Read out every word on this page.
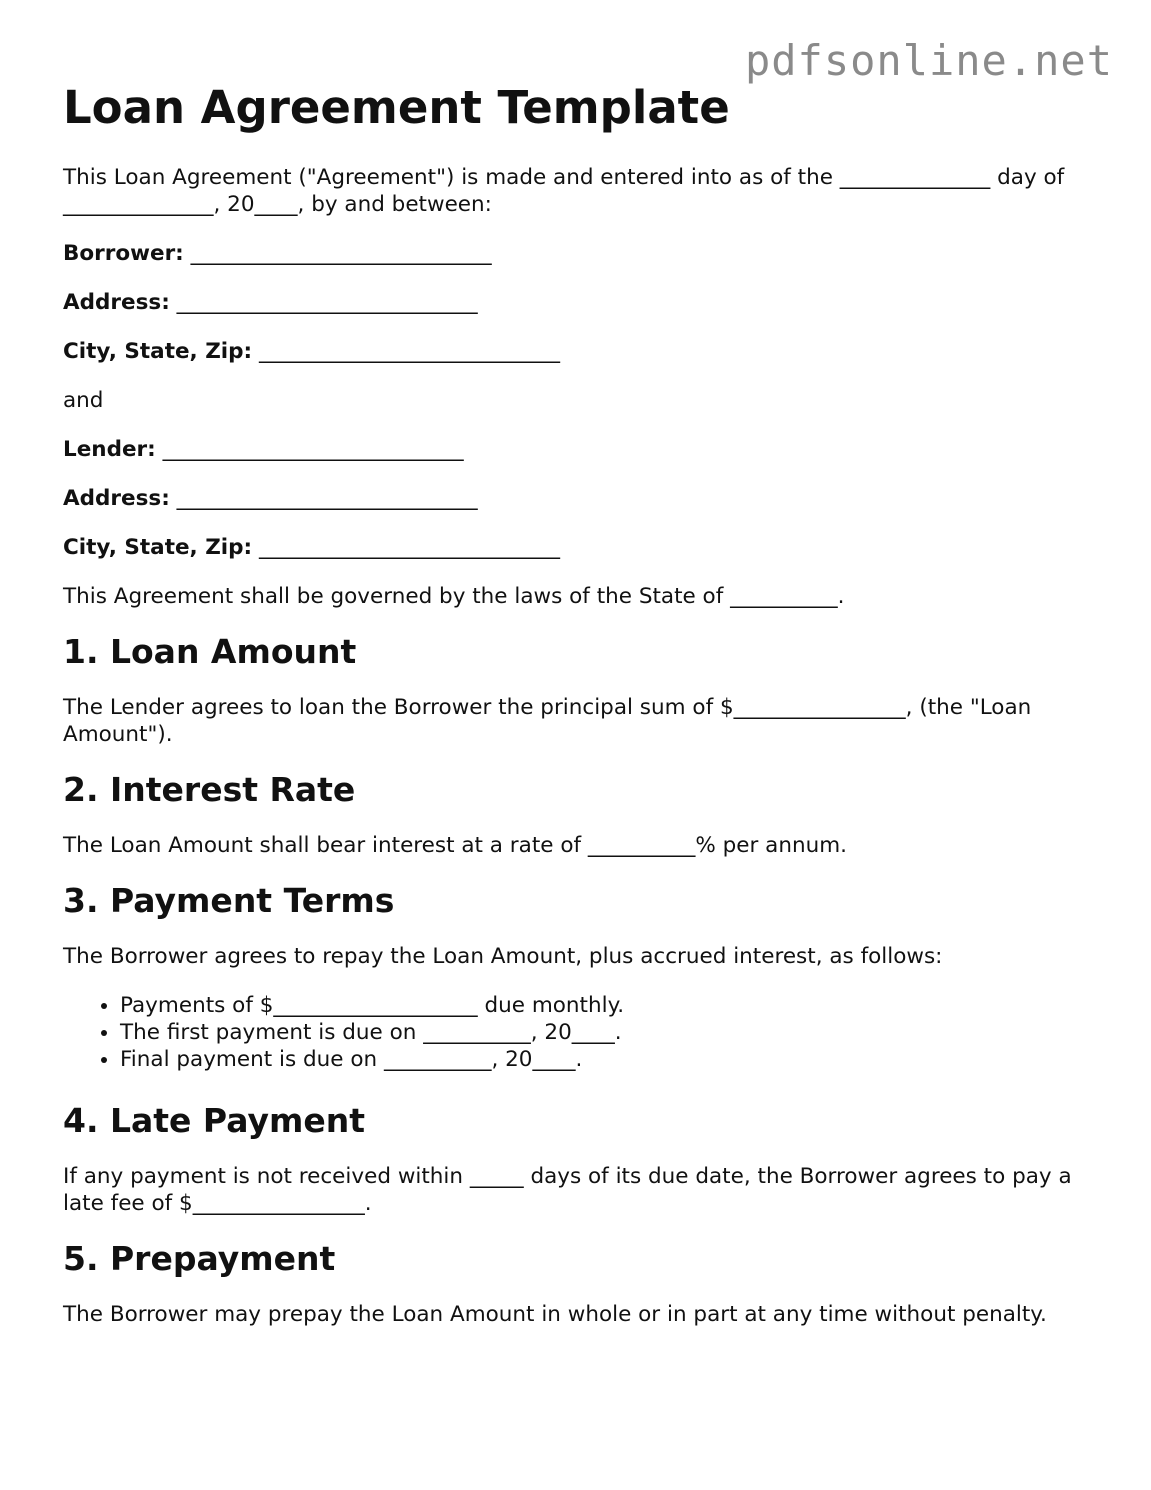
pdfsonline.net
Loan Agreement Template

This Loan Agreement ("Agreement") is made and entered into as of the ______________ day of ______________, 20____, by and between:

Borrower: ____________________________

Address: ____________________________

City, State, Zip: ____________________________

and

Lender: ____________________________

Address: ____________________________

City, State, Zip: ____________________________

This Agreement shall be governed by the laws of the State of __________.

1. Loan Amount

The Lender agrees to loan the Borrower the principal sum of $________________, (the "Loan Amount").

2. Interest Rate

The Loan Amount shall bear interest at a rate of __________% per annum.

3. Payment Terms

The Borrower agrees to repay the Loan Amount, plus accrued interest, as follows:

• Payments of $___________________ due monthly.
• The first payment is due on __________, 20____.
• Final payment is due on __________, 20____.
4. Late Payment

If any payment is not received within _____ days of its due date, the Borrower agrees to pay a late fee of $________________.

5. Prepayment

The Borrower may prepay the Loan Amount in whole or in part at any time without penalty.
